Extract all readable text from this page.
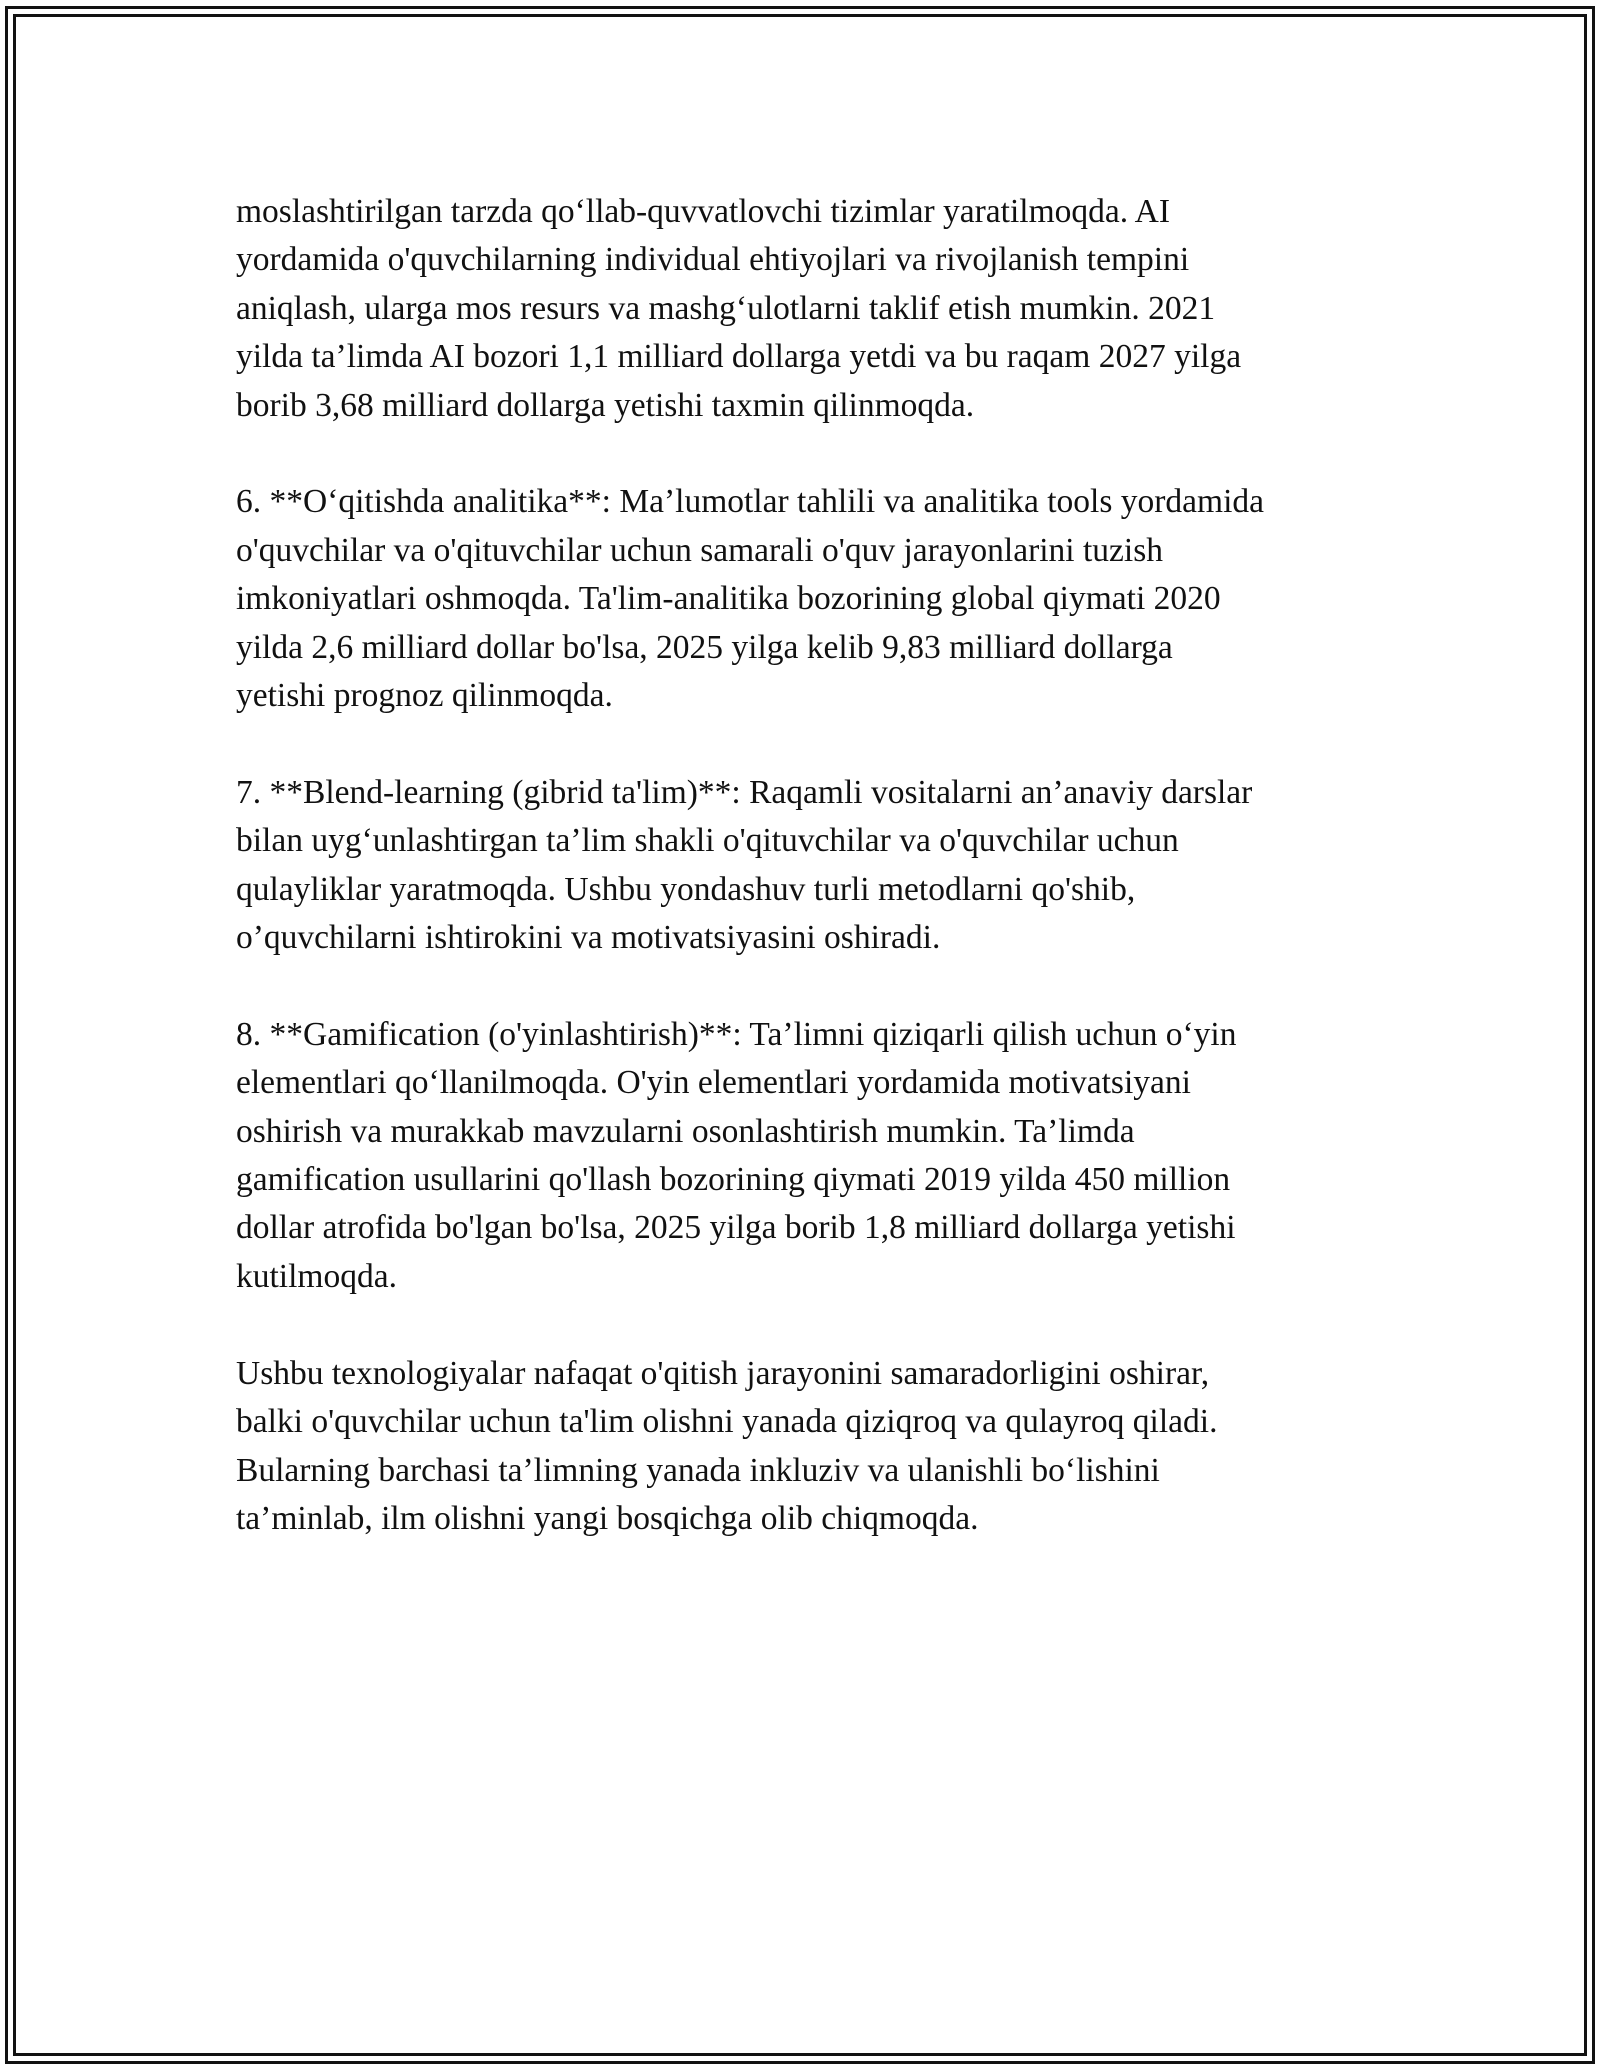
moslashtirilgan tarzda qo‘llab-quvvatlovchi tizimlar yaratilmoqda. AI
yordamida o'quvchilarning individual ehtiyojlari va rivojlanish tempini
aniqlash, ularga mos resurs va mashg‘ulotlarni taklif etish mumkin. 2021
yilda ta’limda AI bozori 1,1 milliard dollarga yetdi va bu raqam 2027 yilga
borib 3,68 milliard dollarga yetishi taxmin qilinmoqda.

6. **O‘qitishda analitika**: Ma’lumotlar tahlili va analitika tools yordamida
o'quvchilar va o'qituvchilar uchun samarali o'quv jarayonlarini tuzish
imkoniyatlari oshmoqda. Ta'lim-analitika bozorining global qiymati 2020
yilda 2,6 milliard dollar bo'lsa, 2025 yilga kelib 9,83 milliard dollarga
yetishi prognoz qilinmoqda.

7. **Blend-learning (gibrid ta'lim)**: Raqamli vositalarni an’anaviy darslar
bilan uyg‘unlashtirgan ta’lim shakli o'qituvchilar va o'quvchilar uchun
qulayliklar yaratmoqda. Ushbu yondashuv turli metodlarni qo'shib,
o’quvchilarni ishtirokini va motivatsiyasini oshiradi.

8. **Gamification (o'yinlashtirish)**: Ta’limni qiziqarli qilish uchun o‘yin
elementlari qo‘llanilmoqda. O'yin elementlari yordamida motivatsiyani
oshirish va murakkab mavzularni osonlashtirish mumkin. Ta’limda
gamification usullarini qo'llash bozorining qiymati 2019 yilda 450 million
dollar atrofida bo'lgan bo'lsa, 2025 yilga borib 1,8 milliard dollarga yetishi
kutilmoqda.

Ushbu texnologiyalar nafaqat o'qitish jarayonini samaradorligini oshirar,
balki o'quvchilar uchun ta'lim olishni yanada qiziqroq va qulayroq qiladi.
Bularning barchasi ta’limning yanada inkluziv va ulanishli bo‘lishini
ta’minlab, ilm olishni yangi bosqichga olib chiqmoqda.
